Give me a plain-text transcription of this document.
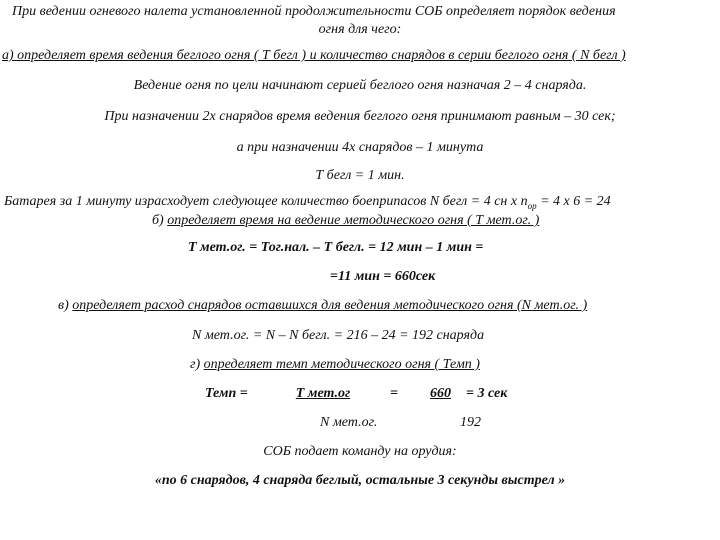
При ведении огневого налета установленной продолжительности СОБ определяет порядок ведения
огня для чего:
а) определяет время ведения беглого огня ( Т бегл ) и количество снарядов в серии беглого огня ( N бегл )
Ведение огня по цели начинают серией беглого огня назначая 2 – 4 снаряда.
При назначении 2х снарядов время ведения беглого огня принимают равным – 30 сек;
а при назначении 4х снарядов – 1 минута
Т бегл = 1 мин.
Батарея за 1 минуту израсходует следующее количество боеприпасов N бегл = 4 сн х $n_{ор} = 4$ х 6 = 24
б) определяет время на ведение методического огня ( Т мет.ог. )
Т мет.ог. = Тог.нал. – Т бегл. = 12 мин – 1 мин =
=11 мин = 660сек
в) определяет расход снарядов оставшихся для ведения методического огня (N мет.ог. )
N мет.ог. = N – N бегл. = 216 – 24 = 192 снаряда
г) определяет темп методического огня ( Темп )
Темп =	Т мет.ог	= 660 = 3 сек
N мет.ог.	192
СОБ подает команду на орудия:
«по 6 снарядов, 4 снаряда беглый, остальные 3 секунды выстрел »
